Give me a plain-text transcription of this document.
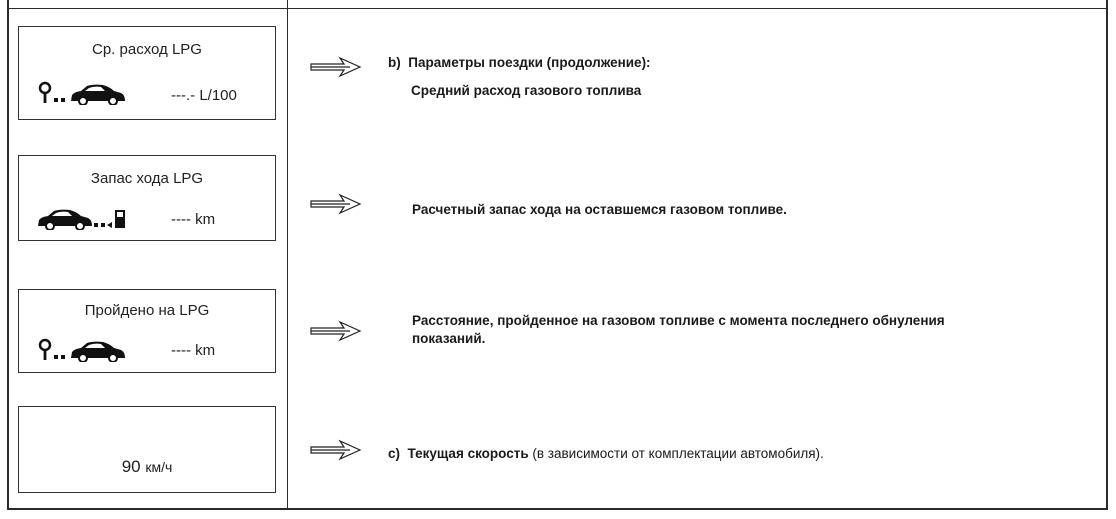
Ср. расход LPG
---.- L/100
b) Параметры поездки (продолжение):
Средний расход газового топлива
Запас хода LPG
---- km
Расчетный запас хода на оставшемся газовом топливе.
Пройдено на LPG
---- km
Расстояние, пройденное на газовом топливе с момента последнего обнуления
показаний.
90 км/ч
c) Текущая скорость (в зависимости от комплектации автомобиля).
